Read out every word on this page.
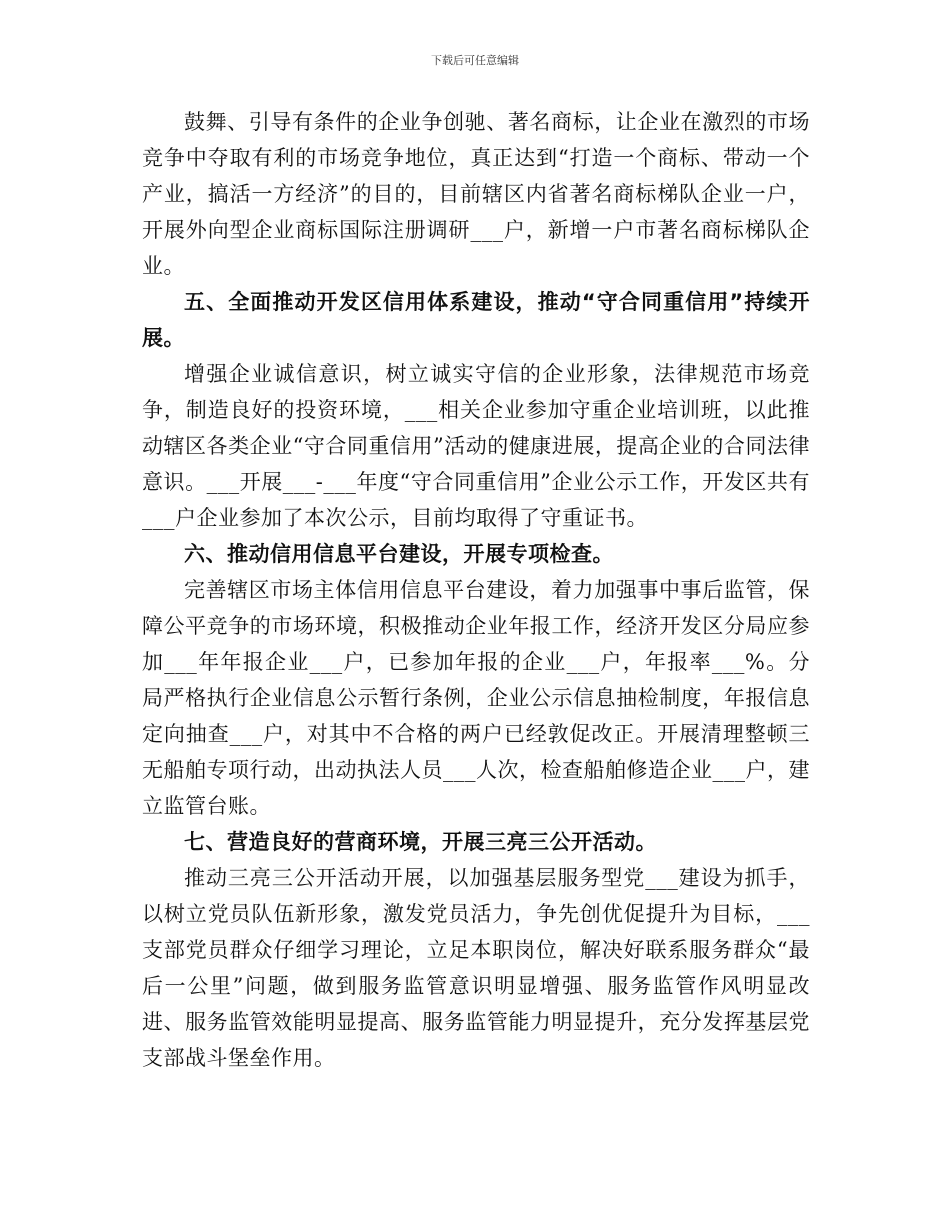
下载后可任意编辑

鼓舞、引导有条件的企业争创驰、著名商标，让企业在激烈的市场竞争中夺取有利的市场竞争地位，真正达到“打造一个商标、带动一个产业，搞活一方经济”的目的，目前辖区内省著名商标梯队企业一户，开展外向型企业商标国际注册调研___户，新增一户市著名商标梯队企业。

五、全面推动开发区信用体系建设，推动“守合同重信用”持续开展。

增强企业诚信意识，树立诚实守信的企业形象，法律规范市场竞争，制造良好的投资环境，___相关企业参加守重企业培训班，以此推动辖区各类企业“守合同重信用”活动的健康进展，提高企业的合同法律意识。___开展___-___年度“守合同重信用”企业公示工作，开发区共有___户企业参加了本次公示，目前均取得了守重证书。

六、推动信用信息平台建设，开展专项检查。

完善辖区市场主体信用信息平台建设，着力加强事中事后监管，保障公平竞争的市场环境，积极推动企业年报工作，经济开发区分局应参加___年年报企业___户，已参加年报的企业___户，年报率___%。分局严格执行企业信息公示暂行条例，企业公示信息抽检制度，年报信息定向抽查___户，对其中不合格的两户已经敦促改正。开展清理整顿三无船舶专项行动，出动执法人员___人次，检查船舶修造企业___户，建立监管台账。

七、营造良好的营商环境，开展三亮三公开活动。

推动三亮三公开活动开展，以加强基层服务型党___建设为抓手，以树立党员队伍新形象，激发党员活力，争先创优促提升为目标，___支部党员群众仔细学习理论，立足本职岗位，解决好联系服务群众“最后一公里”问题，做到服务监管意识明显增强、服务监管作风明显改进、服务监管效能明显提高、服务监管能力明显提升，充分发挥基层党支部战斗堡垒作用。
